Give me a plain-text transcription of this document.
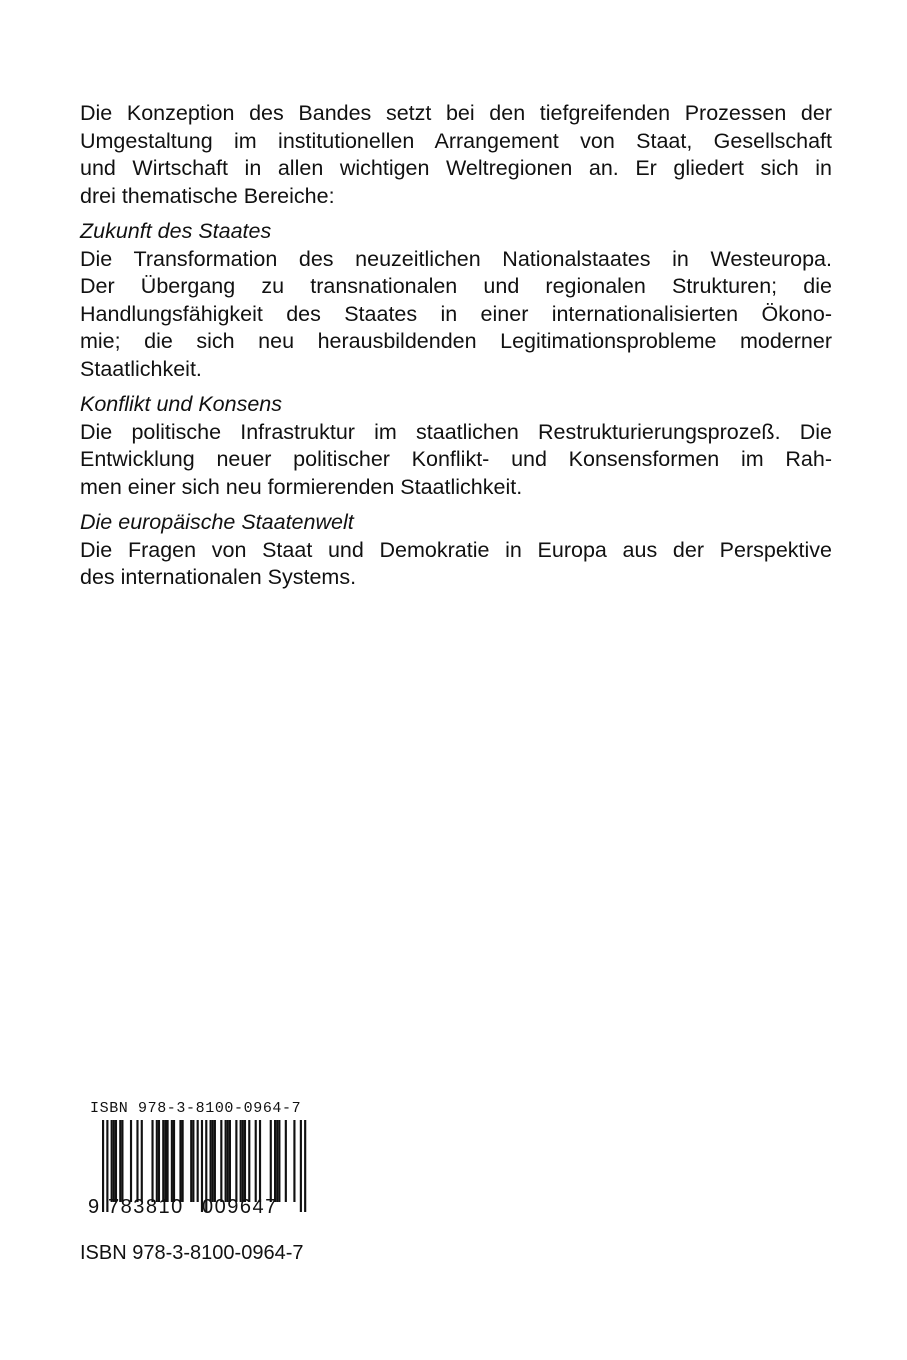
Die Konzeption des Bandes setzt bei den tiefgreifenden Prozessen der
Umgestaltung im institutionellen Arrangement von Staat, Gesellschaft
und Wirtschaft in allen wichtigen Weltregionen an. Er gliedert sich in
drei thematische Bereiche:
Zukunft des Staates
Die Transformation des neuzeitlichen Nationalstaates in Westeuropa.
Der Übergang zu transnationalen und regionalen Strukturen; die
Handlungsfähigkeit des Staates in einer internationalisierten Ökono-
mie; die sich neu herausbildenden Legitimationsprobleme moderner
Staatlichkeit.
Konflikt und Konsens
Die politische Infrastruktur im staatlichen Restrukturierungsprozeß. Die
Entwicklung neuer politischer Konflikt- und Konsensformen im Rah-
men einer sich neu formierenden Staatlichkeit.
Die europäische Staatenwelt
Die Fragen von Staat und Demokratie in Europa aus der Perspektive
des internationalen Systems.
ISBN 978-3-8100-0964-7
9 783810 009647
ISBN 978-3-8100-0964-7
